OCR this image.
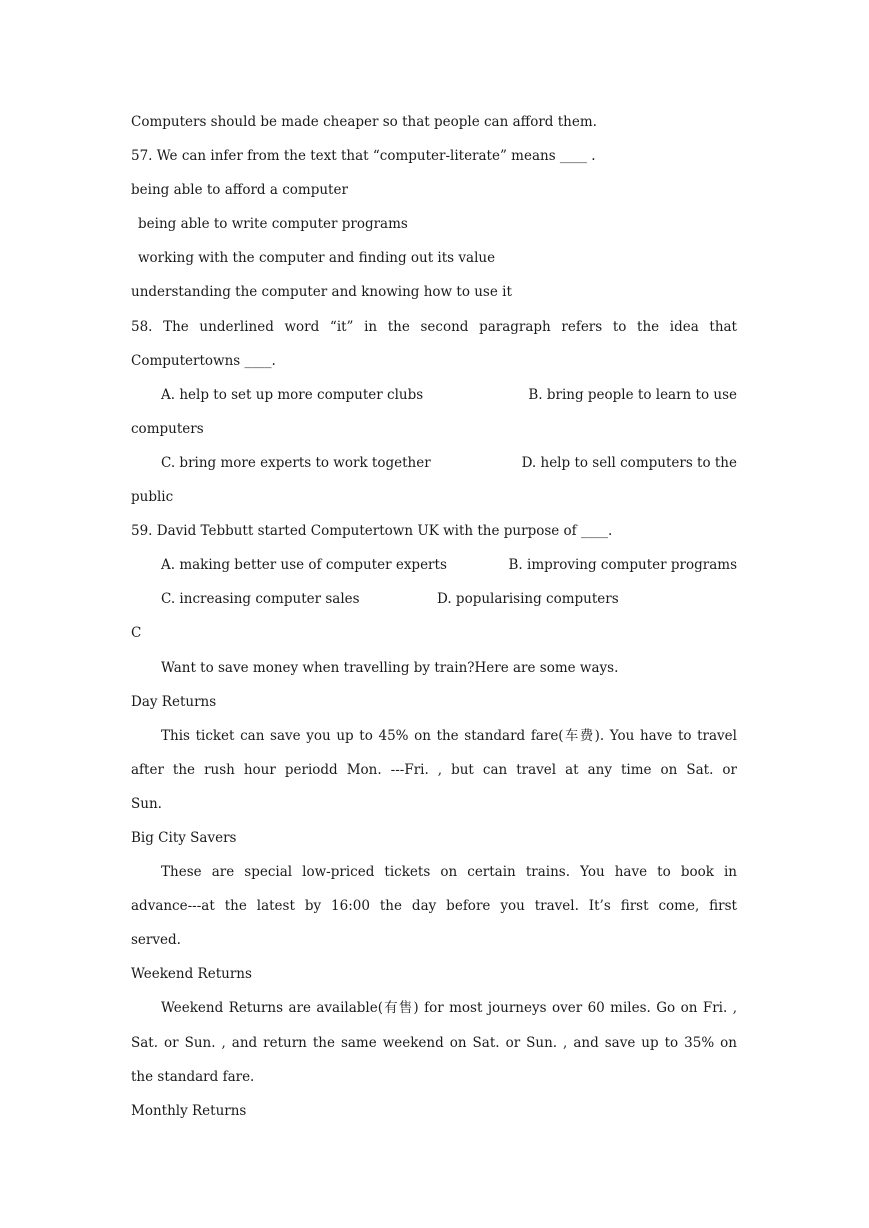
Computers should be made cheaper so that people can afford them.
57. We can infer from the text that “computer-literate” means ____ .
being able to afford a computer
being able to write computer programs
working with the computer and finding out its value
understanding the computer and knowing how to use it
58. The underlined word “it” in the second paragraph refers to the idea that
Computertowns ____.
A. help to set up more computer clubs	B. bring people to learn to use
computers
C. bring more experts to work together	D. help to sell computers to the
public
59. David Tebbutt started Computertown UK with the purpose of ____.
A. making better use of computer experts	B. improving computer programs
C. increasing computer sales	D. popularising computers
C
Want to save money when travelling by train?Here are some ways.
Day Returns
This ticket can save you up to 45% on the standard fare(车费). You have to travel
after the rush hour periodd Mon. ---Fri. , but can travel at any time on Sat. or
Sun.
Big City Savers
These are special low-priced tickets on certain trains. You have to book in
advance---at the latest by 16:00 the day before you travel. It’s first come, first
served.
Weekend Returns
Weekend Returns are available(有售) for most journeys over 60 miles. Go on Fri. ,
Sat. or Sun. , and return the same weekend on Sat. or Sun. , and save up to 35% on
the standard fare.
Monthly Returns
